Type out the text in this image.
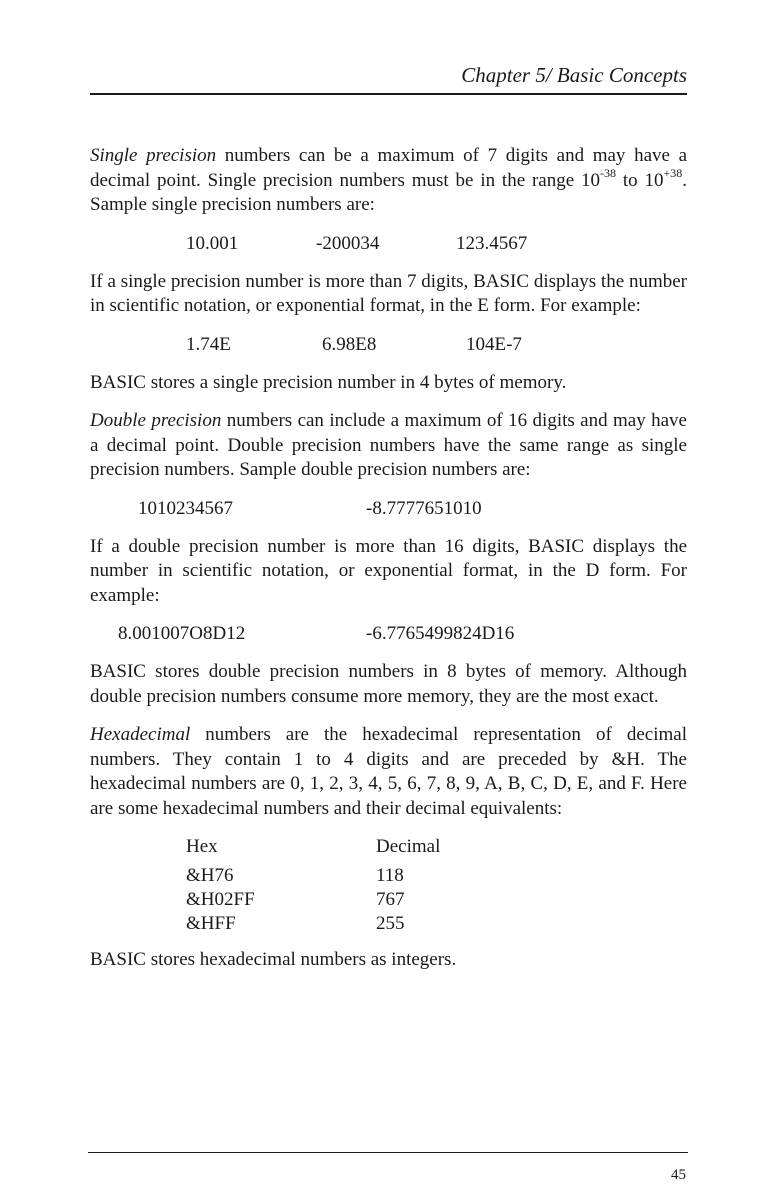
Chapter 5/ Basic Concepts

Single precision numbers can be a maximum of 7 digits and may have a decimal point. Single precision numbers must be in the range $10^{-38}$ to $10^{+38}$. Sample single precision numbers are:

10.001	-200034	123.4567

If a single precision number is more than 7 digits, BASIC displays the number in scientific notation, or exponential format, in the E form. For example:

1.74E	6.98E8	104E-7

BASIC stores a single precision number in 4 bytes of memory.

Double precision numbers can include a maximum of 16 digits and may have a decimal point. Double precision numbers have the same range as single precision numbers. Sample double precision numbers are:

1010234567	-8.7777651010

If a double precision number is more than 16 digits, BASIC displays the number in scientific notation, or exponential format, in the D form. For example:

8.001007O8D12	-6.7765499824D16

BASIC stores double precision numbers in 8 bytes of memory. Although double precision numbers consume more memory, they are the most exact.

Hexadecimal numbers are the hexadecimal representation of decimal numbers. They contain 1 to 4 digits and are preceded by &H. The hexadecimal numbers are 0, 1, 2, 3, 4, 5, 6, 7, 8, 9, A, B, C, D, E, and F. Here are some hexadecimal numbers and their decimal equivalents:

Hex	Decimal
&H76	118
&H02FF	767
&HFF	255

BASIC stores hexadecimal numbers as integers.

45
